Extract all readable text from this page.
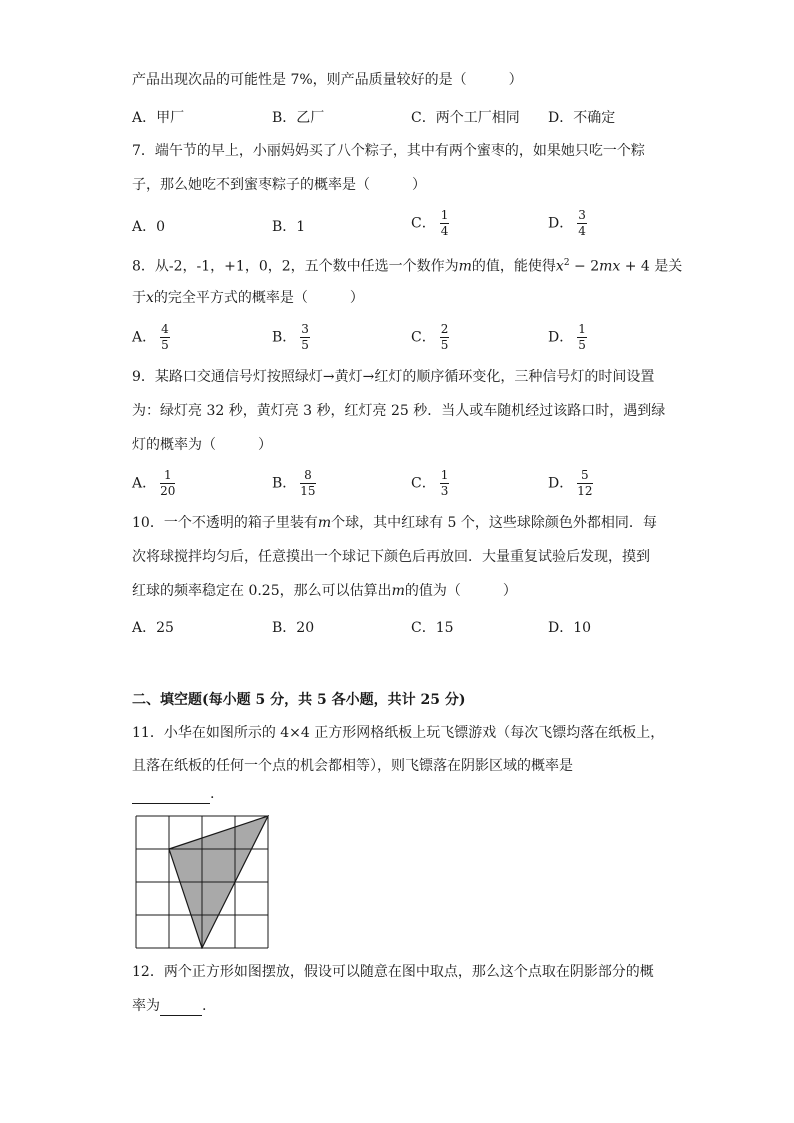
产品出现次品的可能性是 7%，则产品质量较好的是（　　　）
A．甲厂	B．乙厂	C．两个工厂相同 D．不确定
7．端午节的早上，小丽妈妈买了八个粽子，其中有两个蜜枣的，如果她只吃一个粽
子，那么她吃不到蜜枣粽子的概率是（　　　）
A．0	B．1	C． $\frac{1}{4}$	D． $\frac{3}{4}$
8．从-2，-1，+1，0，2，五个数中任选一个数作为m的值，能使得$x^2 - 2mx + 4$ 是关
于x的完全平方式的概率是（　　　）
A． $\frac{4}{5}$	B． $\frac{3}{5}$	C． $\frac{2}{5}$	D． $\frac{1}{5}$
9．某路口交通信号灯按照绿灯→黄灯→红灯的顺序循环变化，三种信号灯的时间设置
为：绿灯亮 32 秒，黄灯亮 3 秒，红灯亮 25 秒．当人或车随机经过该路口时，遇到绿
灯的概率为（　　　）
A． $\frac{1}{20}$	B． $\frac{8}{15}$	C． $\frac{1}{3}$	D． $\frac{5}{12}$
10．一个不透明的箱子里装有m个球，其中红球有 5 个，这些球除颜色外都相同．每
次将球搅拌均匀后，任意摸出一个球记下颜色后再放回．大量重复试验后发现，摸到
红球的频率稳定在 0.25，那么可以估算出m的值为（　　　）
A．25	B．20	C．15	D．10
二、填空题(每小题 5 分，共 5 各小题，共计 25 分)
11．小华在如图所示的 4×4 正方形网格纸板上玩飞镖游戏（每次飞镖均落在纸板上，
且落在纸板的任何一个点的机会都相等），则飞镖落在阴影区域的概率是
.
12．两个正方形如图摆放，假设可以随意在图中取点，那么这个点取在阴影部分的概
率为	.
